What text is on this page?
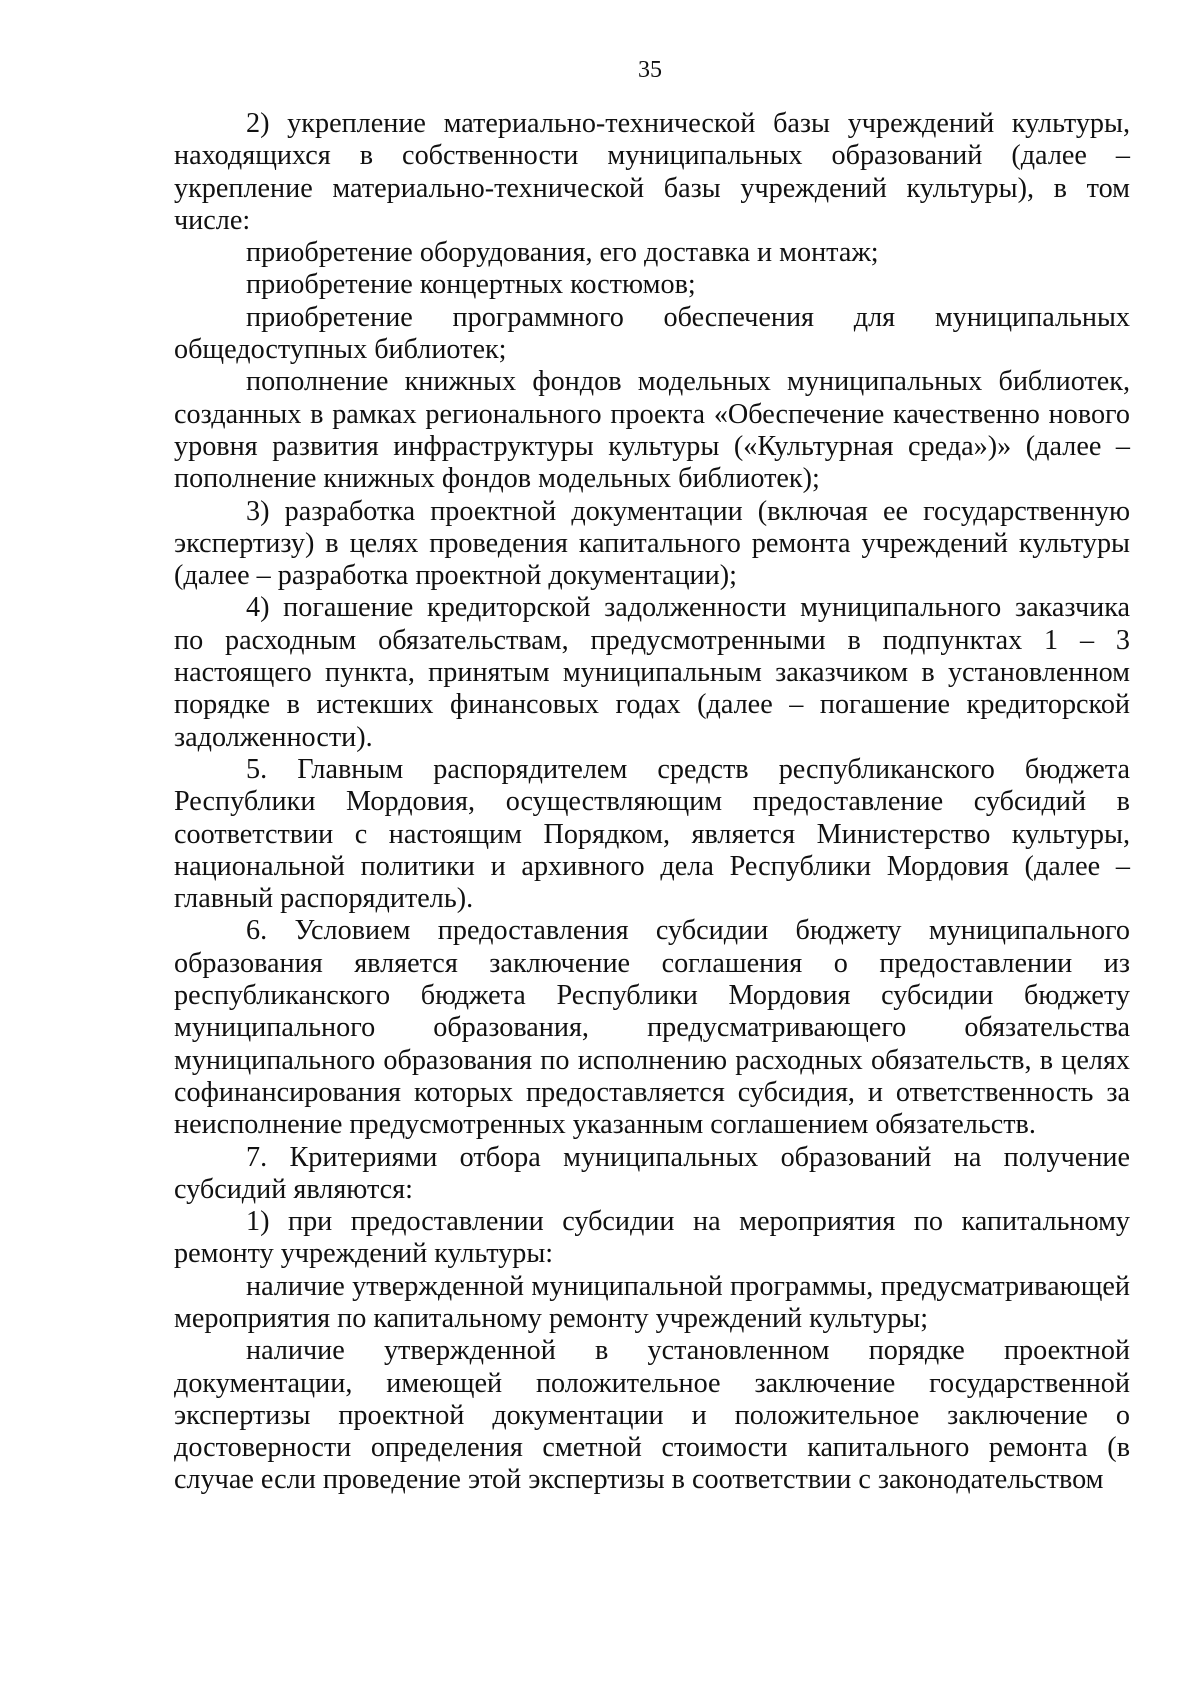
35

2) укрепление материально-технической базы учреждений культуры, находящихся в собственности муниципальных образований (далее – укрепление материально-технической базы учреждений культуры), в том числе:

приобретение оборудования, его доставка и монтаж;

приобретение концертных костюмов;

приобретение программного обеспечения для муниципальных общедоступных библиотек;

пополнение книжных фондов модельных муниципальных библиотек, созданных в рамках регионального проекта «Обеспечение качественно нового уровня развития инфраструктуры культуры («Культурная среда»)» (далее – пополнение книжных фондов модельных библиотек);

3) разработка проектной документации (включая ее государственную экспертизу) в целях проведения капитального ремонта учреждений культуры (далее – разработка проектной документации);

4) погашение кредиторской задолженности муниципального заказчика по расходным обязательствам, предусмотренными в подпунктах 1 – 3 настоящего пункта, принятым муниципальным заказчиком в установленном порядке в истекших финансовых годах (далее – погашение кредиторской задолженности).

5. Главным распорядителем средств республиканского бюджета Республики Мордовия, осуществляющим предоставление субсидий в соответствии с настоящим Порядком, является Министерство культуры, национальной политики и архивного дела Республики Мордовия (далее – главный распорядитель).

6. Условием предоставления субсидии бюджету муниципального образования является заключение соглашения о предоставлении из республиканского бюджета Республики Мордовия субсидии бюджету муниципального образования, предусматривающего обязательства муниципального образования по исполнению расходных обязательств, в целях софинансирования которых предоставляется субсидия, и ответственность за неисполнение предусмотренных указанным соглашением обязательств.

7. Критериями отбора муниципальных образований на получение субсидий являются:

1) при предоставлении субсидии на мероприятия по капитальному ремонту учреждений культуры:

наличие утвержденной муниципальной программы, предусматривающей мероприятия по капитальному ремонту учреждений культуры;

наличие утвержденной в установленном порядке проектной документации, имеющей положительное заключение государственной экспертизы проектной документации и положительное заключение о достоверности определения сметной стоимости капитального ремонта (в случае если проведение этой экспертизы в соответствии с законодательством
